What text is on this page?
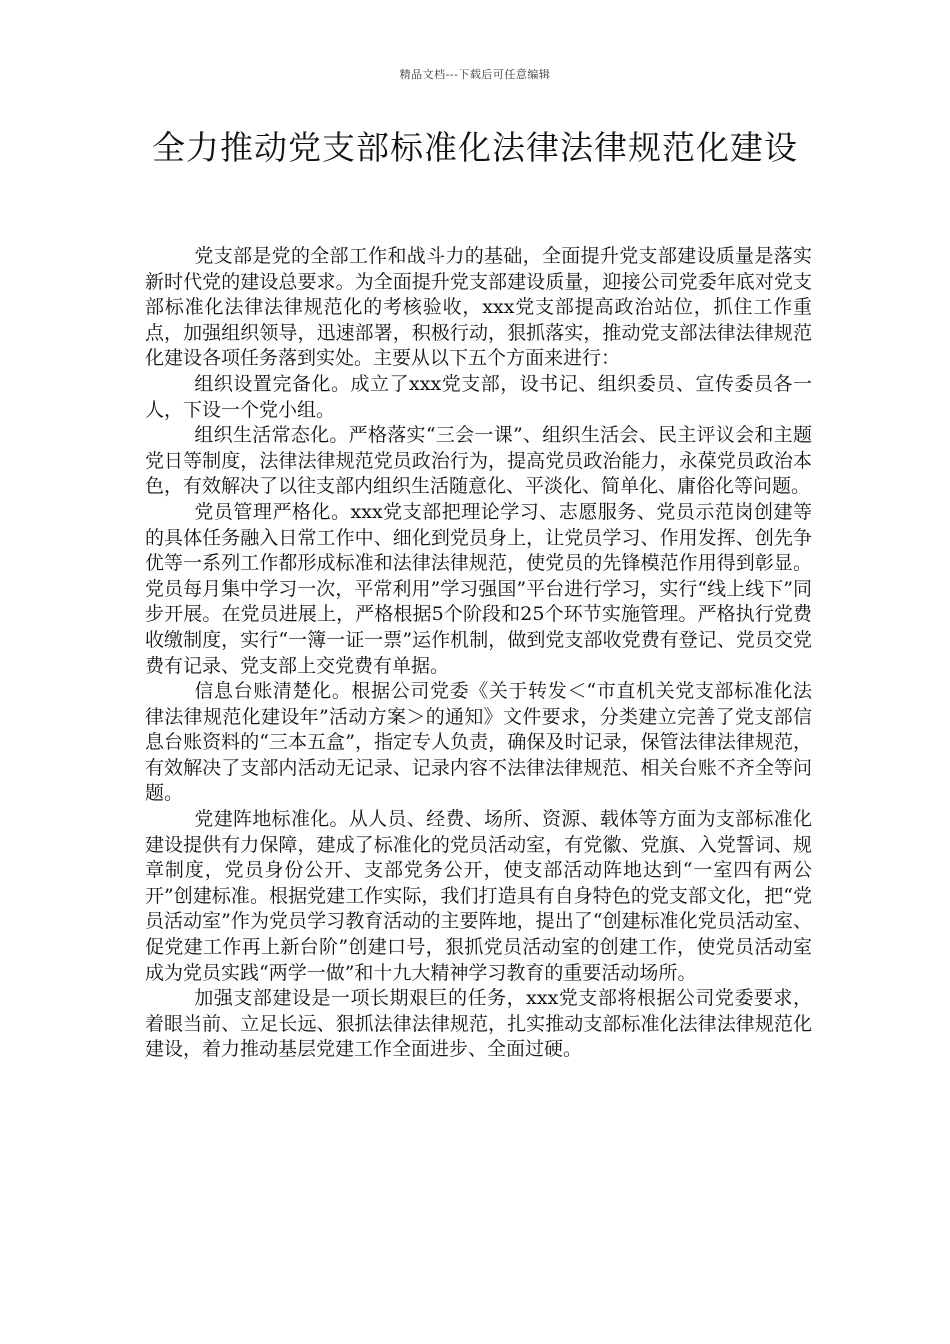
精品文档---下载后可任意编辑
全力推动党支部标准化法律法律规范化建设

党支部是党的全部工作和战斗力的基础，全面提升党支部建设质量是落实新时代党的建设总要求。为全面提升党支部建设质量，迎接公司党委年底对党支部标准化法律法律规范化的考核验收，xxx党支部提高政治站位，抓住工作重点，加强组织领导，迅速部署，积极行动，狠抓落实，推动党支部法律法律规范化建设各项任务落到实处。主要从以下五个方面来进行：

组织设置完备化。成立了xxx党支部，设书记、组织委员、宣传委员各一人，下设一个党小组。

组织生活常态化。严格落实“三会一课”、组织生活会、民主评议会和主题党日等制度，法律法律规范党员政治行为，提高党员政治能力，永葆党员政治本色，有效解决了以往支部内组织生活随意化、平淡化、简单化、庸俗化等问题。

党员管理严格化。xxx党支部把理论学习、志愿服务、党员示范岗创建等的具体任务融入日常工作中、细化到党员身上，让党员学习、作用发挥、创先争优等一系列工作都形成标准和法律法律规范，使党员的先锋模范作用得到彰显。党员每月集中学习一次，平常利用”学习强国”平台进行学习，实行“线上线下”同步开展。在党员进展上，严格根据5个阶段和25个环节实施管理。严格执行党费收缴制度，实行“一簿一证一票”运作机制，做到党支部收党费有登记、党员交党费有记录、党支部上交党费有单据。

信息台账清楚化。根据公司党委《关于转发＜“市直机关党支部标准化法律法律规范化建设年”活动方案＞的通知》文件要求，分类建立完善了党支部信息台账资料的“三本五盒”，指定专人负责，确保及时记录，保管法律法律规范，有效解决了支部内活动无记录、记录内容不法律法律规范、相关台账不齐全等问题。

党建阵地标准化。从人员、经费、场所、资源、载体等方面为支部标准化建设提供有力保障，建成了标准化的党员活动室，有党徽、党旗、入党誓词、规章制度，党员身份公开、支部党务公开，使支部活动阵地达到“一室四有两公开”创建标准。根据党建工作实际，我们打造具有自身特色的党支部文化，把“党员活动室”作为党员学习教育活动的主要阵地，提出了“创建标准化党员活动室、促党建工作再上新台阶”创建口号，狠抓党员活动室的创建工作，使党员活动室成为党员实践“两学一做”和十九大精神学习教育的重要活动场所。

加强支部建设是一项长期艰巨的任务，xxx党支部将根据公司党委要求，着眼当前、立足长远、狠抓法律法律规范，扎实推动支部标准化法律法律规范化建设，着力推动基层党建工作全面进步、全面过硬。
